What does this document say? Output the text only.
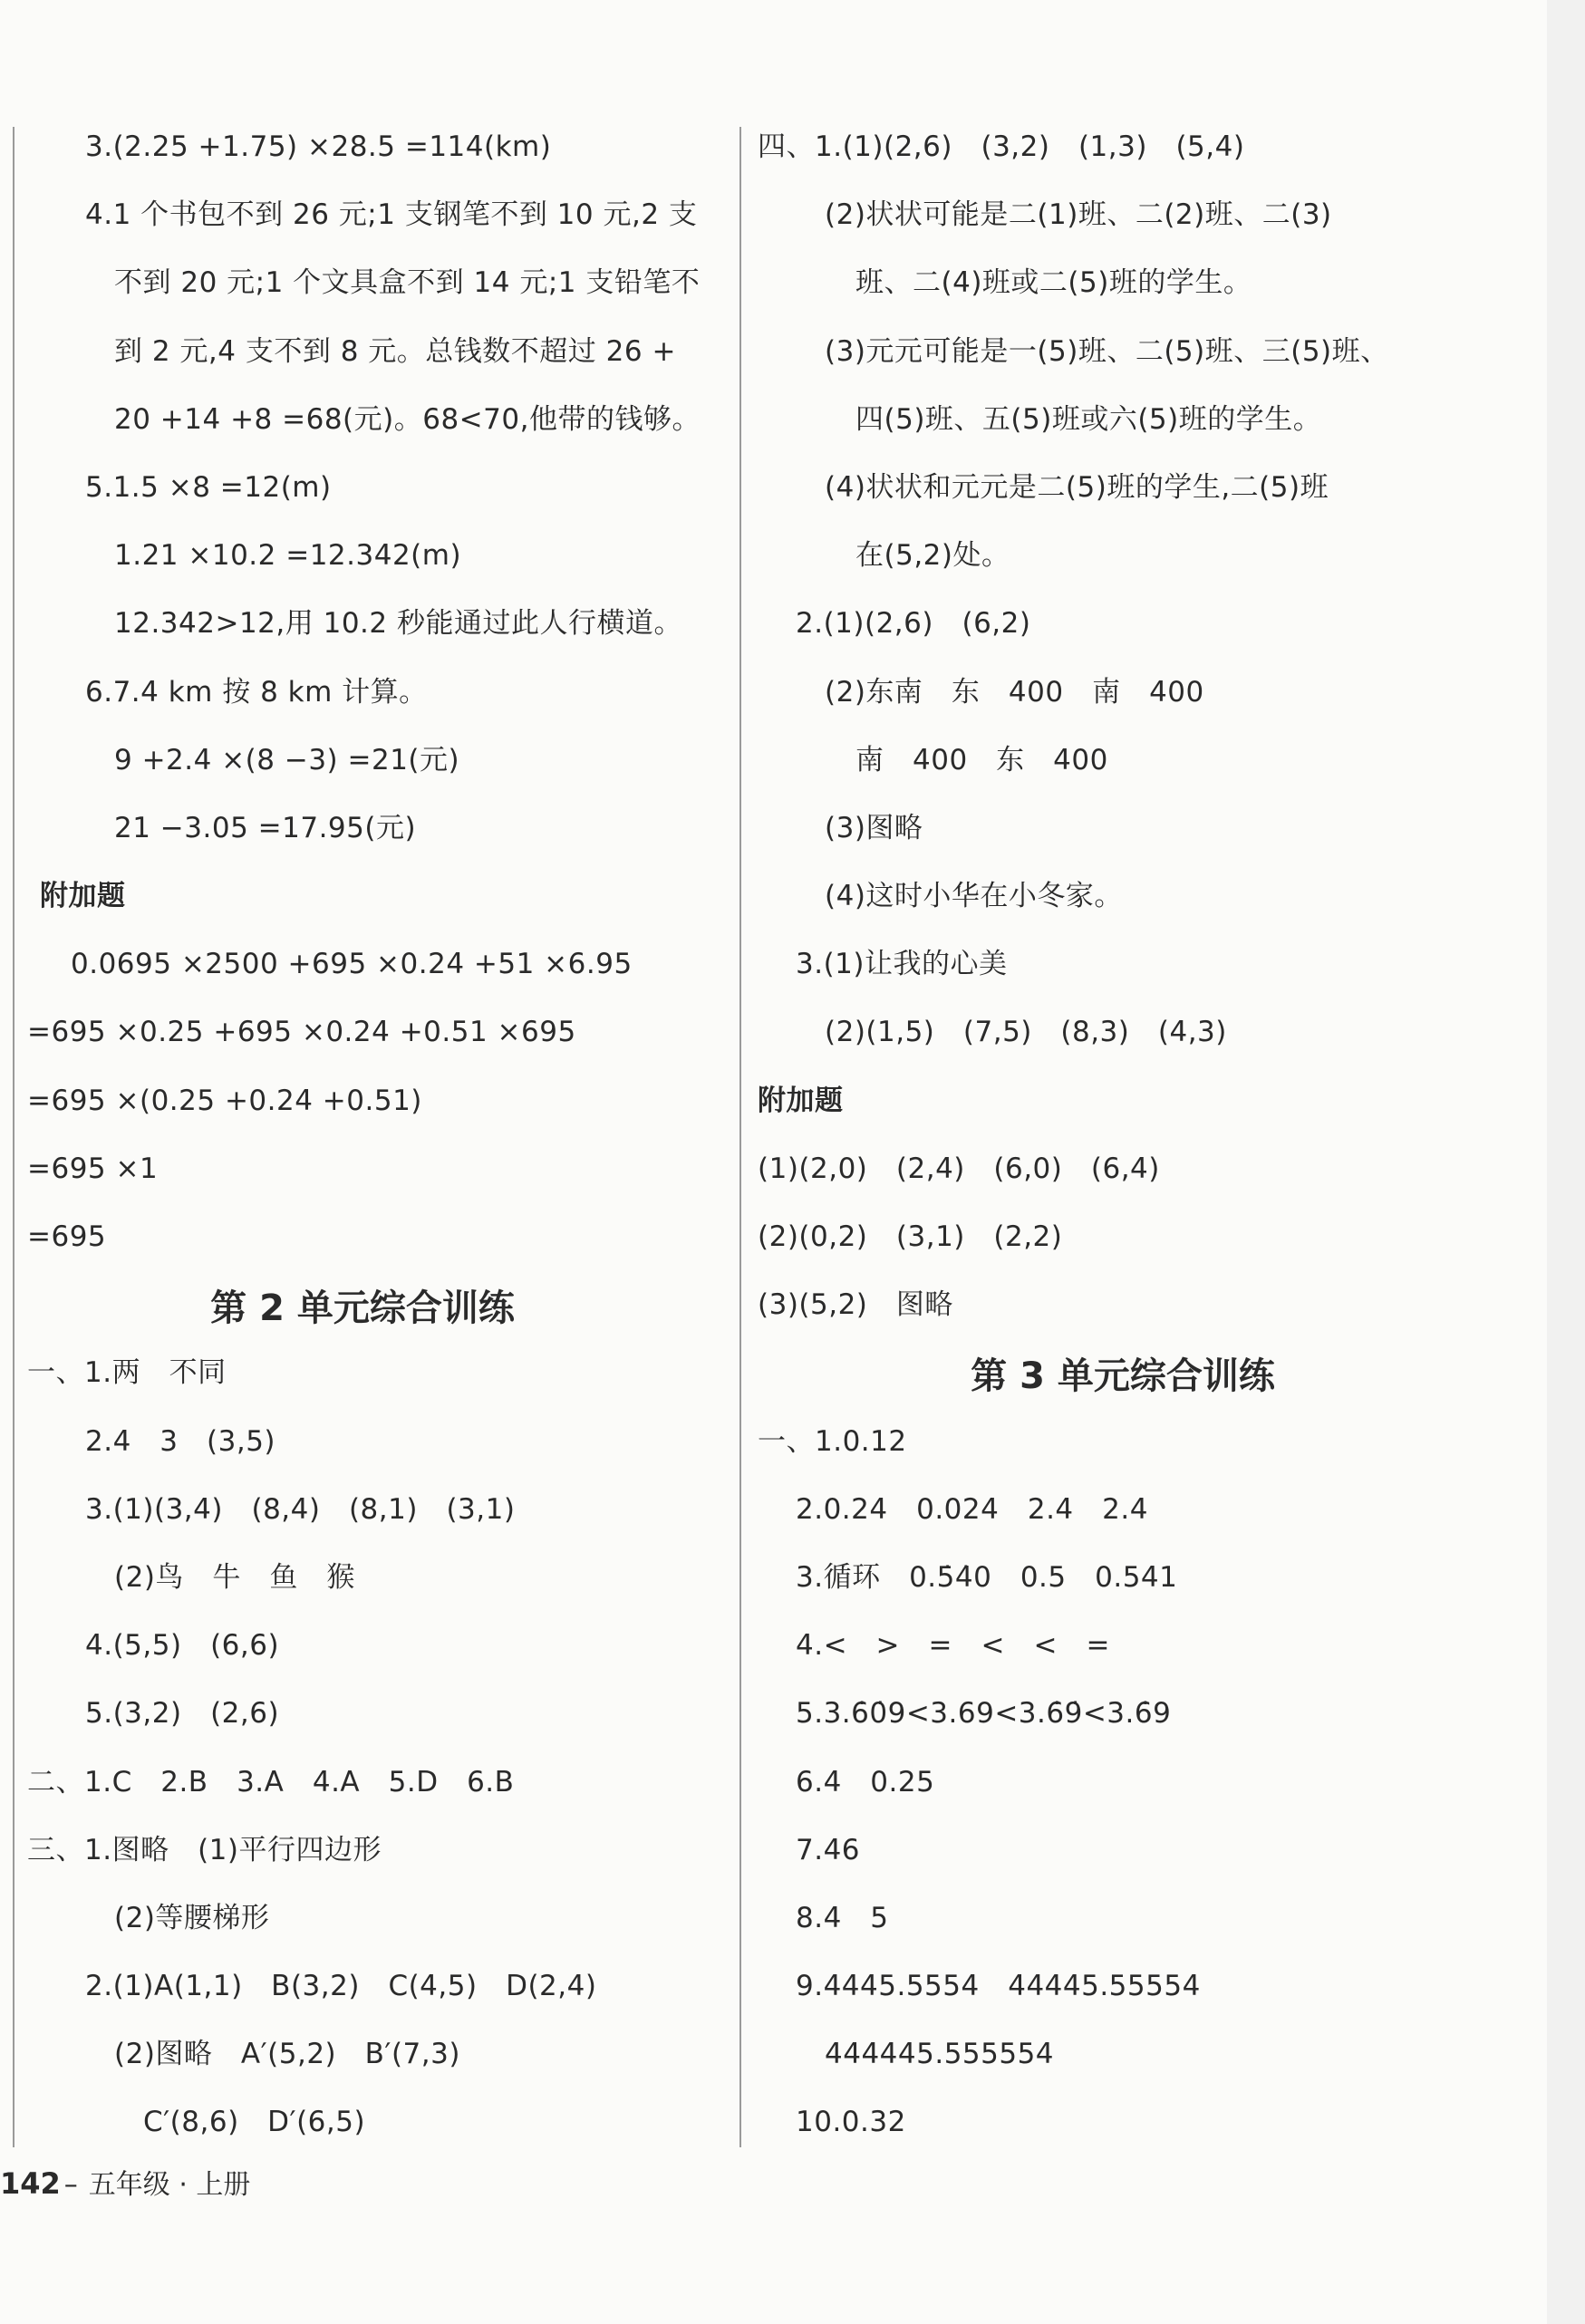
3.(2.25 +1.75) ×28.5 =114(km)
4.1 个书包不到 26 元;1 支钢笔不到 10 元,2 支
不到 20 元;1 个文具盒不到 14 元;1 支铅笔不
到 2 元,4 支不到 8 元。总钱数不超过 26 +
20 +14 +8 =68(元)。68<70,他带的钱够。
5.1.5 ×8 =12(m)
1.21 ×10.2 =12.342(m)
12.342>12,用 10.2 秒能通过此人行横道。
6.7.4 km 按 8 km 计算。
9 +2.4 ×(8 −3) =21(元)
21 −3.05 =17.95(元)
附加题
0.0695 ×2500 +695 ×0.24 +51 ×6.95
=695 ×0.25 +695 ×0.24 +0.51 ×695
=695 ×(0.25 +0.24 +0.51)
=695 ×1
=695
第 2 单元综合训练
一、1.两　不同
2.4　3　(3,5)
3.(1)(3,4)　(8,4)　(8,1)　(3,1)
(2)鸟　牛　鱼　猴
4.(5,5)　(6,6)
5.(3,2)　(2,6)
二、1.C　2.B　3.A　4.A　5.D　6.B
三、1.图略　(1)平行四边形
(2)等腰梯形
2.(1)A(1,1)　B(3,2)　C(4,5)　D(2,4)
(2)图略　A′(5,2)　B′(7,3)
C′(8,6)　D′(6,5)
四、1.(1)(2,6)　(3,2)　(1,3)　(5,4)
(2)状状可能是二(1)班、二(2)班、二(3)
班、二(4)班或二(5)班的学生。
(3)元元可能是一(5)班、二(5)班、三(5)班、
四(5)班、五(5)班或六(5)班的学生。
(4)状状和元元是二(5)班的学生,二(5)班
在(5,2)处。
2.(1)(2,6)　(6,2)
(2)东南　东　400　南　400
南　400　东　400
(3)图略
(4)这时小华在小冬家。
3.(1)让我的心美
(2)(1,5)　(7,5)　(8,3)　(4,3)
附加题
(1)(2,0)　(2,4)　(6,0)　(6,4)
(2)(0,2)　(3,1)　(2,2)
(3)(5,2)　图略
第 3 单元综合训练
一、1.0.12
2.0.24　0.024　2.4　2.4
3.循环　0.5̇4̇0　0.5　0.541
4.<　>　=　<　<　=
5.3.6̇0̇9<3.69<3.6̇9̇<3.6̇9
6.4　0.25
7.46
8.4　5
9.4445.5554　44445.55554
444445.555554
10.0.32
142 – 五年级 · 上册
